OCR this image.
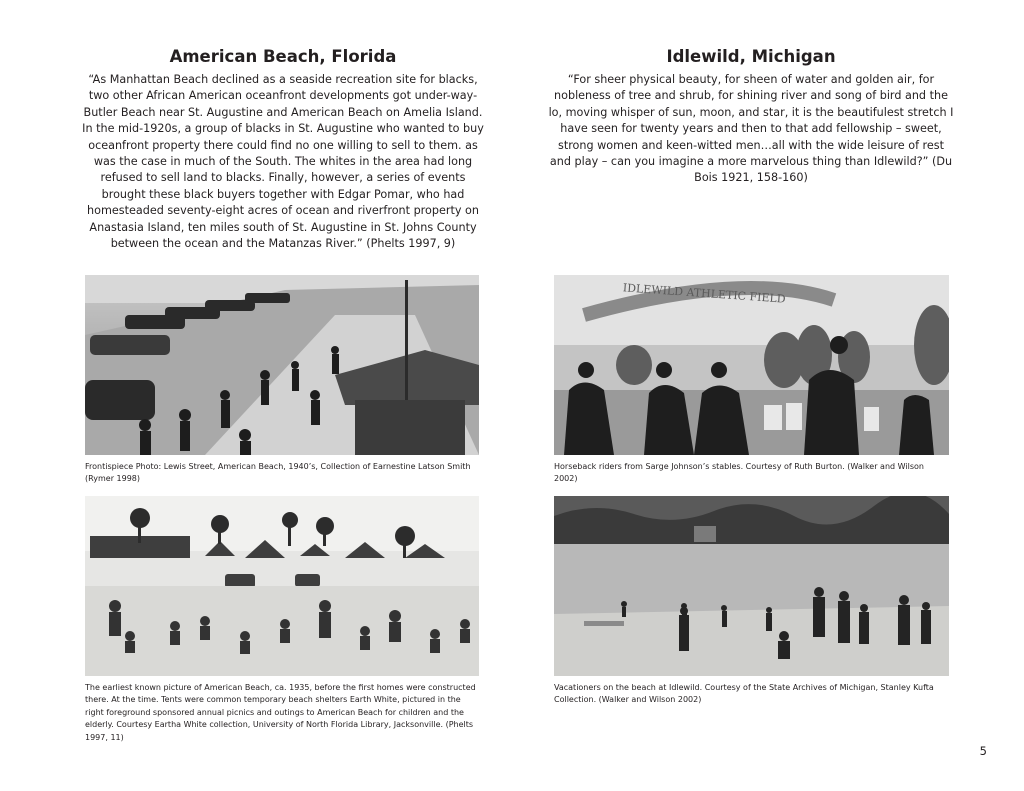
American Beach, Florida

“As Manhattan Beach declined as a seaside recreation site for blacks, two other African American oceanfront developments got under-way-Butler Beach near St. Augustine and American Beach on Amelia Island. In the mid-1920s, a group of blacks in St. Augustine who wanted to buy oceanfront property there could find no one willing to sell to them. as was the case in much of the South. The whites in the area had long refused to sell land to blacks. Finally, however, a series of events brought these black buyers together with Edgar Pomar, who had homesteaded seventy-eight acres of ocean and riverfront property on Anastasia Island, ten miles south of St. Augustine in St. Johns County between the ocean and the Matanzas River.” (Phelts 1997, 9)

Idlewild, Michigan

“For sheer physical beauty, for sheen of water and golden air, for nobleness of tree and shrub, for shining river and song of bird and the lo, moving whisper of sun, moon, and star, it is the beautifulest stretch I have seen for twenty years and then to that add fellowship – sweet, strong women and keen-witted men…all with the wide leisure of rest and play – can you imagine a more marvelous thing than Idlewild?” (Du Bois 1921, 158-160)

Frontispiece Photo: Lewis Street, American Beach, 1940’s, Collection of Earnestine Latson Smith (Rymer 1998)
IDLEWILD ATHLETIC FIELD
Horseback riders from Sarge Johnson’s stables. Courtesy of Ruth Burton. (Walker and Wilson 2002)
The earliest known picture of American Beach, ca. 1935, before the first homes were constructed there. At the time. Tents were common temporary beach shelters Earth White, pictured in the right foreground sponsored annual picnics and outings to American Beach for children and the elderly. Courtesy Eartha White collection, University of North Florida Library, Jacksonville. (Phelts 1997, 11)
Vacationers on the beach at Idlewild. Courtesy of the State Archives of Michigan, Stanley Kufta Collection. (Walker and Wilson 2002)
5
